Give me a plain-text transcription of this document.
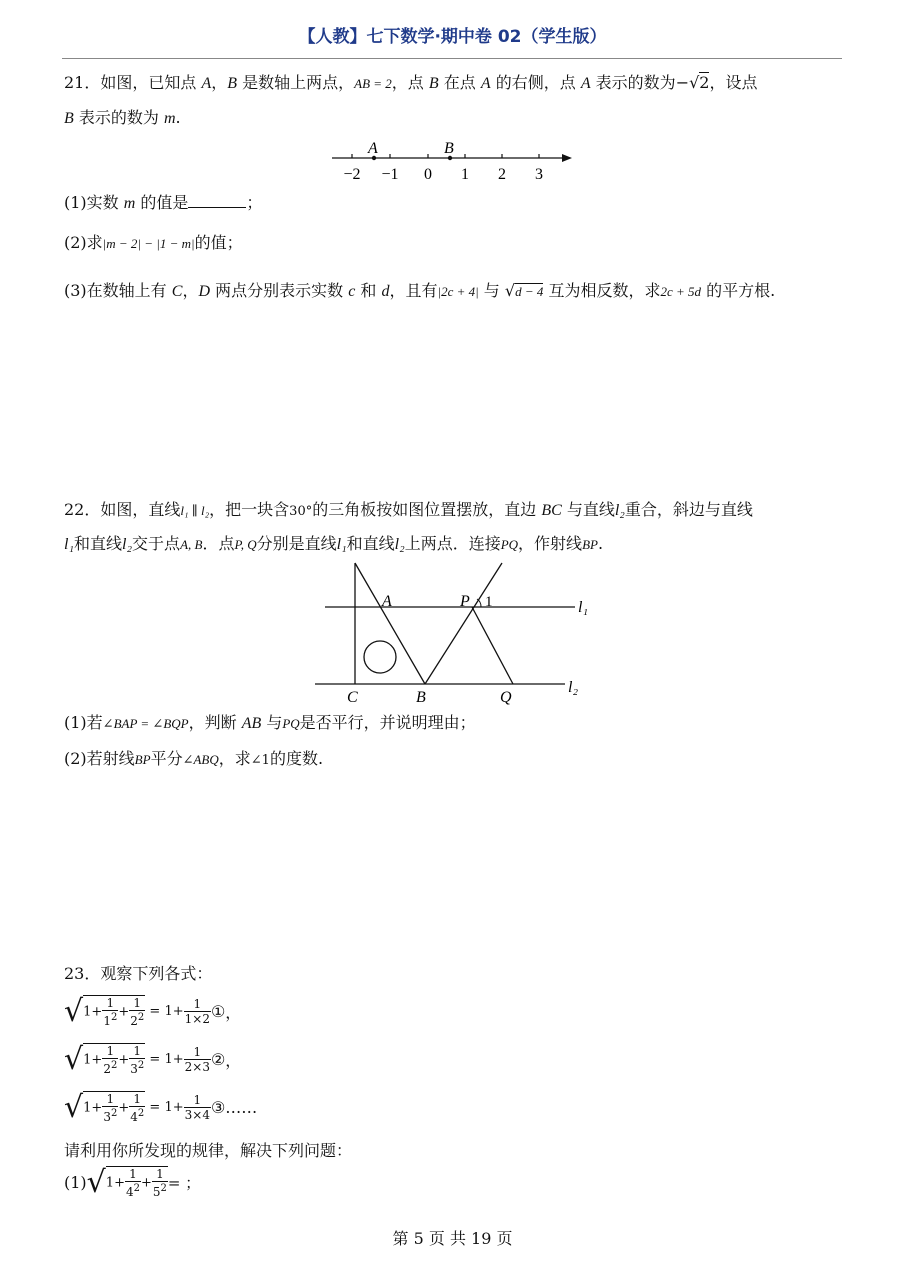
【人教】七下数学·期中卷 02（学生版）
21．如图，已知点 A，B 是数轴上两点，AB = 2，点 B 在点 A 的右侧，点 A 表示的数为−√2，设点
B 表示的数为 m.
A	B
−2 −1 0 1 2 3
(1)实数 m 的值是	；
(2)求|m − 2| − |1 − m|的值；
(3)在数轴上有 C，D 两点分别表示实数 c 和 d，且有|2c + 4| 与 √d − 4 互为相反数，求2c + 5d 的平方根.
22．如图，直线l₁ ∥ l₂，把一块含30°的三角板按如图位置摆放，直边 BC 与直线l₂重合，斜边与直线
l₁和直线l₂交于点A, B．点P, Q分别是直线l₁和直线l₂上两点．连接PQ，作射线BP.
A	P 1	l₁
C	B	Q
l₂
(1)若∠BAP = ∠BQP，判断 AB 与PQ是否平行，并说明理由；
(2)若射线BP平分∠ABQ，求∠1的度数.
23．观察下列各式：
$√1+ \frac{1}{1^2} + \frac{1}{2^2} = 1+ \frac{1}{1\times 2}$ ①，
$√1+ \frac{1}{2^2} + \frac{1}{3^2} = 1+ \frac{1}{2\times 3}$ ②，
$√1+ \frac{1}{3^2} + \frac{1}{4^2} = 1+ \frac{1}{3\times 4}$ ③……
请利用你所发现的规律，解决下列问题：
$(1)√1+ \frac{1}{4^2} + \frac{1}{5^2}$ = ；
第 5 页 共 19 页
